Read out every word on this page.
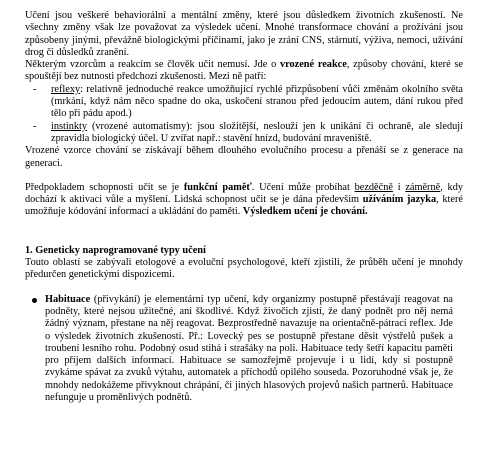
Učení jsou veškeré behaviorální a mentální změny, které jsou důsledkem životních zkušeností. Ne všechny změny však lze považovat za výsledek učení. Mnohé transformace chování a prožívání jsou způsobeny jinými, převážně biologickými příčinami, jako je zrání CNS, stárnutí, výživa, nemoci, užívání drog či důsledků zranění.
Některým vzorcům a reakcím se člověk učit nemusí. Jde o vrozené reakce, způsoby chování, které se spouštějí bez nutnosti předchozí zkušenosti. Mezi ně patří:

- reflexy: relativně jednoduché reakce umožňující rychlé přizpůsobení vůči změnám okolního světa (mrkání, když nám něco spadne do oka, uskočení stranou před jedoucím autem, dání rukou před tělo při pádu apod.)
- instinkty (vrozené automatismy): jsou složitější, neslouží jen k unikání či ochraně, ale sledují zpravidla biologický účel. U zvířat např.: stavění hnízd, budování mraveniště.

Vrozené vzorce chování se získávají během dlouhého evolučního procesu a přenáší se z generace na generaci.

Předpokladem schopnosti učit se je funkční paměť. Učení může probíhat bezděčně i záměrně, kdy dochází k aktivaci vůle a myšlení. Lidská schopnost učit se je dána především užíváním jazyka, které umožňuje kódování informací a ukládání do paměti. Výsledkem učení je chování.

1. Geneticky naprogramované typy učení

Touto oblastí se zabývali etologové a evoluční psychologové, kteří zjistili, že průběh učení je mnohdy předurčen genetickými dispozicemi.

Habituace (přivykání) je elementární typ učení, kdy organizmy postupně přestávají reagovat na podněty, které nejsou užitečné, ani škodlivé. Když živočich zjistí, že daný podnět pro něj nemá žádný význam, přestane na něj reagovat. Bezprostředně navazuje na orientačně-pátrací reflex. Jde o výsledek životních zkušeností. Př.: Lovecký pes se postupně přestane děsit výstřelů pušek a troubení lesního rohu. Podobný osud stihá i strašáky na poli. Habituace tedy šetří kapacitu paměti pro příjem dalších informací. Habituace se samozřejmě projevuje i u lidí, kdy si postupně zvykáme spávat za zvuků výtahu, automatek a příchodů opilého souseda. Pozoruhodné však je, že mnohdy nedokážeme přivyknout chrápání, či jiných hlasových projevů našich partnerů. Habituace nefunguje u proměnlivých podnětů.
